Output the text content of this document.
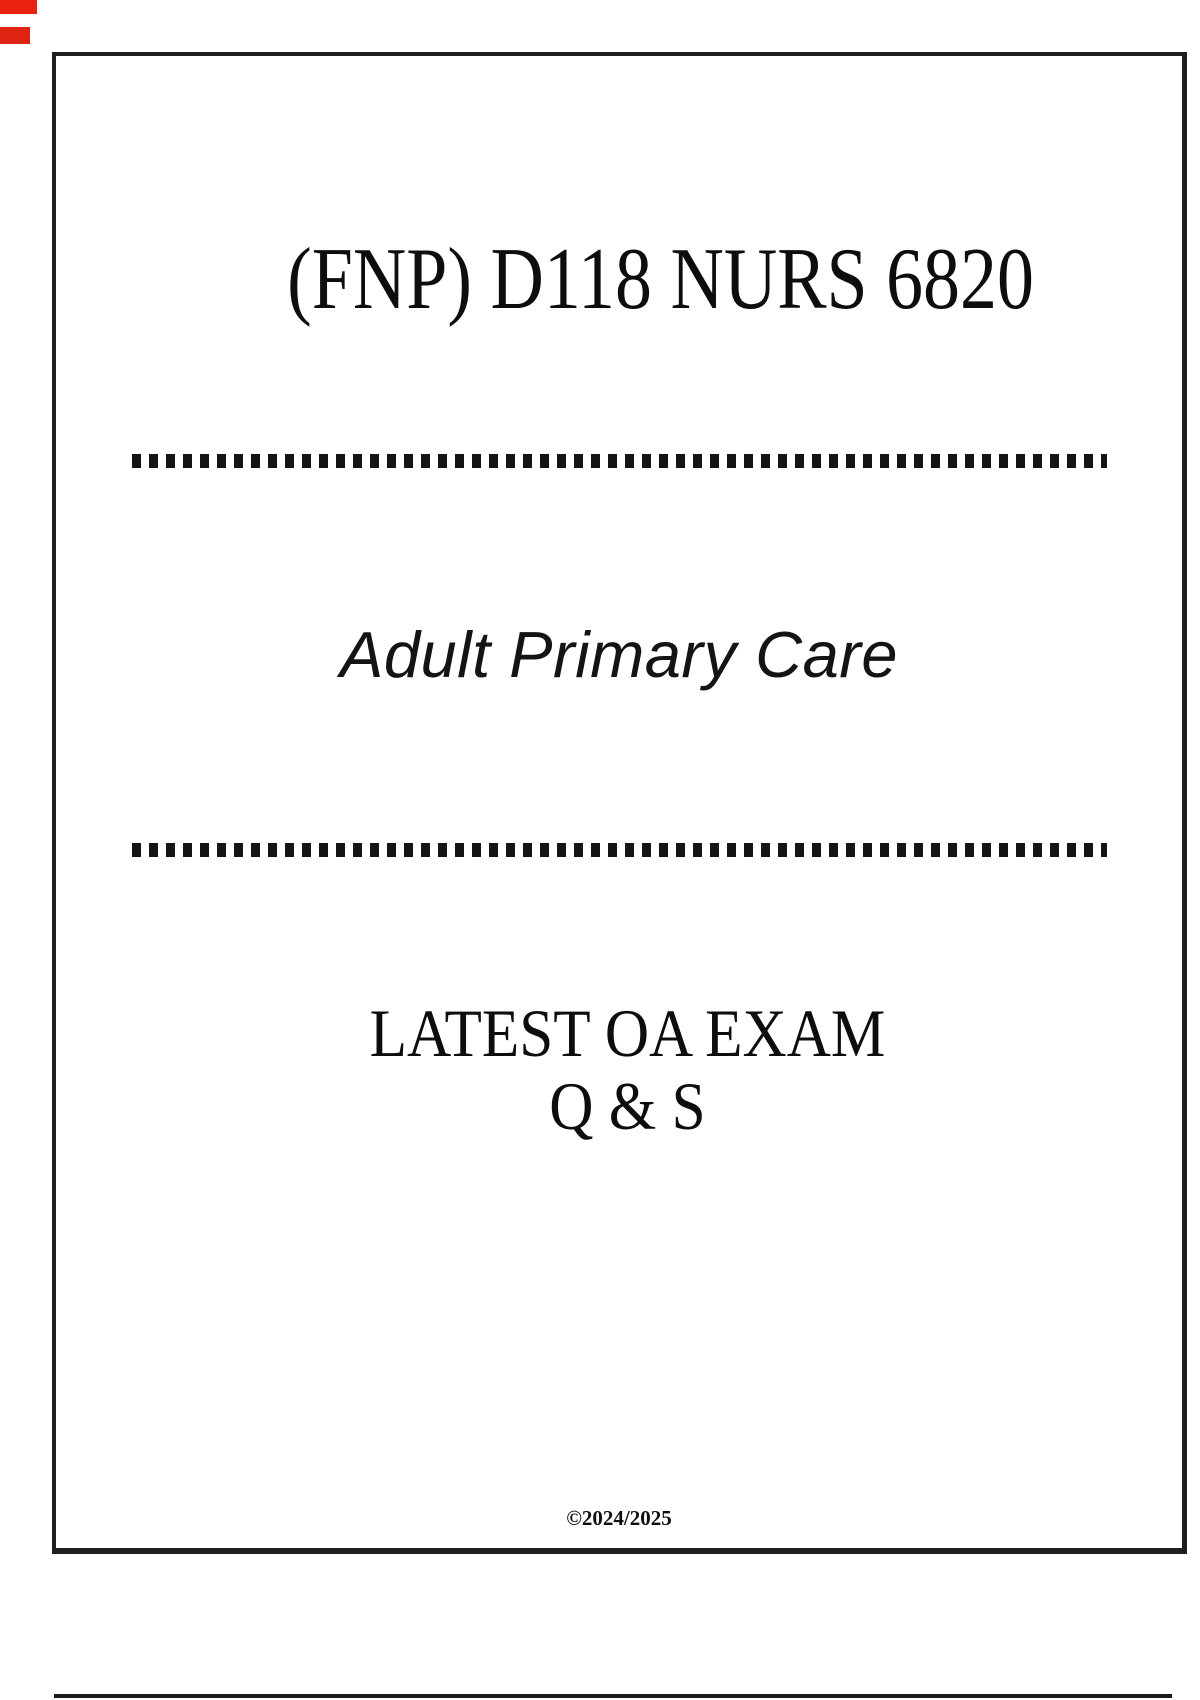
(FNP) D118 NURS 6820
Adult Primary Care
LATEST OA EXAM
Q & S
©2024/2025
